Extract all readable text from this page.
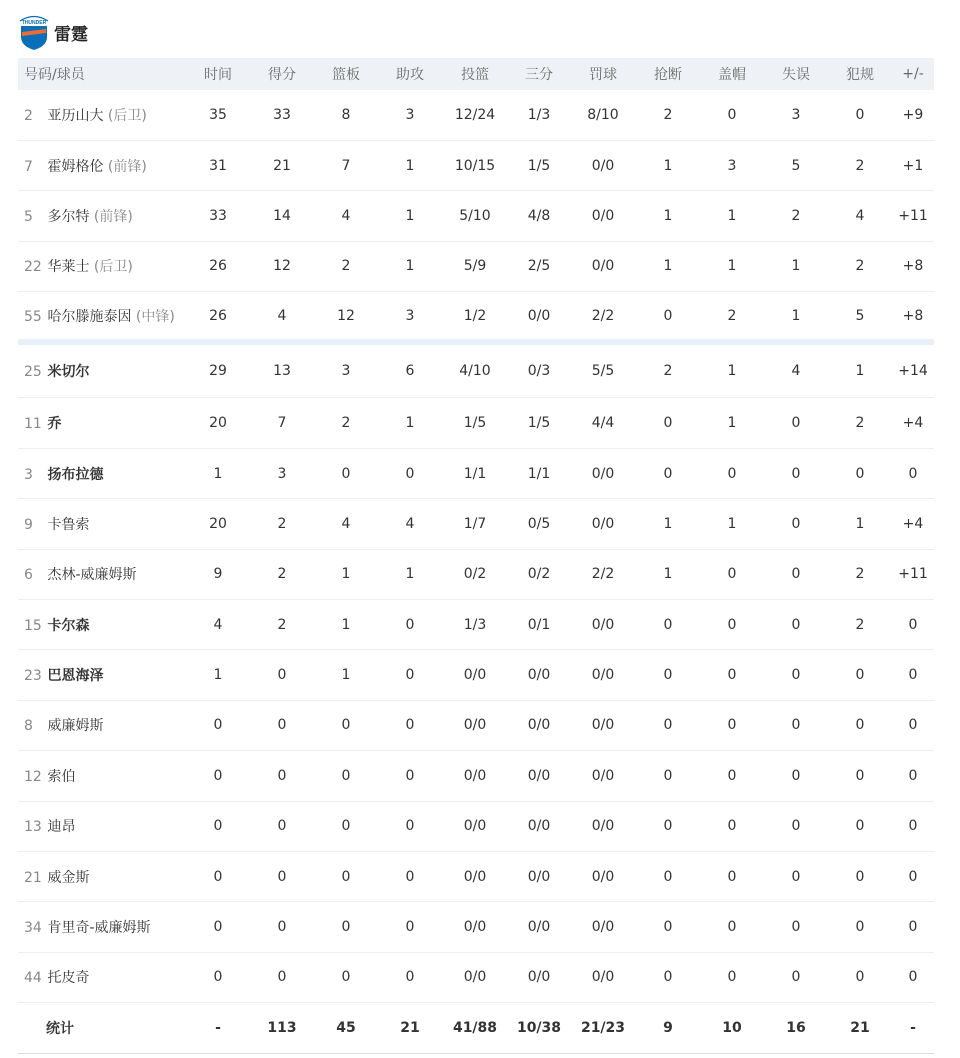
THUNDER
雷霆
号码/球员	时间	得分	篮板	助攻	投篮	三分	罚球	抢断	盖帽	失误	犯规	+/-
2 亚历山大 (后卫)	35	33	8	3	12/24	1/3	8/10	2	0	3	0	+9
7 霍姆格伦 (前锋)	31	21	7	1	10/15	1/5	0/0	1	3	5	2	+1
5 多尔特 (前锋)	33	14	4	1	5/10	4/8	0/0	1	1	2	4	+11
22 华莱士 (后卫)	26	12	2	1	5/9	2/5	0/0	1	1	1	2	+8
55 哈尔滕施泰因 (中锋)	26	4	12	3	1/2	0/0	2/2	0	2	1	5	+8
25 米切尔	29	13	3	6	4/10	0/3	5/5	2	1	4	1	+14
11 乔	20	7	2	1	1/5	1/5	4/4	0	1	0	2	+4
3 扬布拉德	1	3	0	0	1/1	1/1	0/0	0	0	0	0	0
9 卡鲁索	20	2	4	4	1/7	0/5	0/0	1	1	0	1	+4
6 杰林-威廉姆斯	9	2	1	1	0/2	0/2	2/2	1	0	0	2	+11
15 卡尔森	4	2	1	0	1/3	0/1	0/0	0	0	0	2	0
23 巴恩海泽	1	0	1	0	0/0	0/0	0/0	0	0	0	0	0
8 威廉姆斯	0	0	0	0	0/0	0/0	0/0	0	0	0	0	0
12 索伯	0	0	0	0	0/0	0/0	0/0	0	0	0	0	0
13 迪昂	0	0	0	0	0/0	0/0	0/0	0	0	0	0	0
21 威金斯	0	0	0	0	0/0	0/0	0/0	0	0	0	0	0
34 肯里奇-威廉姆斯	0	0	0	0	0/0	0/0	0/0	0	0	0	0	0
44 托皮奇	0	0	0	0	0/0	0/0	0/0	0	0	0	0	0
统计	-	113	45	21	41/88	10/38	21/23	9	10	16	21	-
